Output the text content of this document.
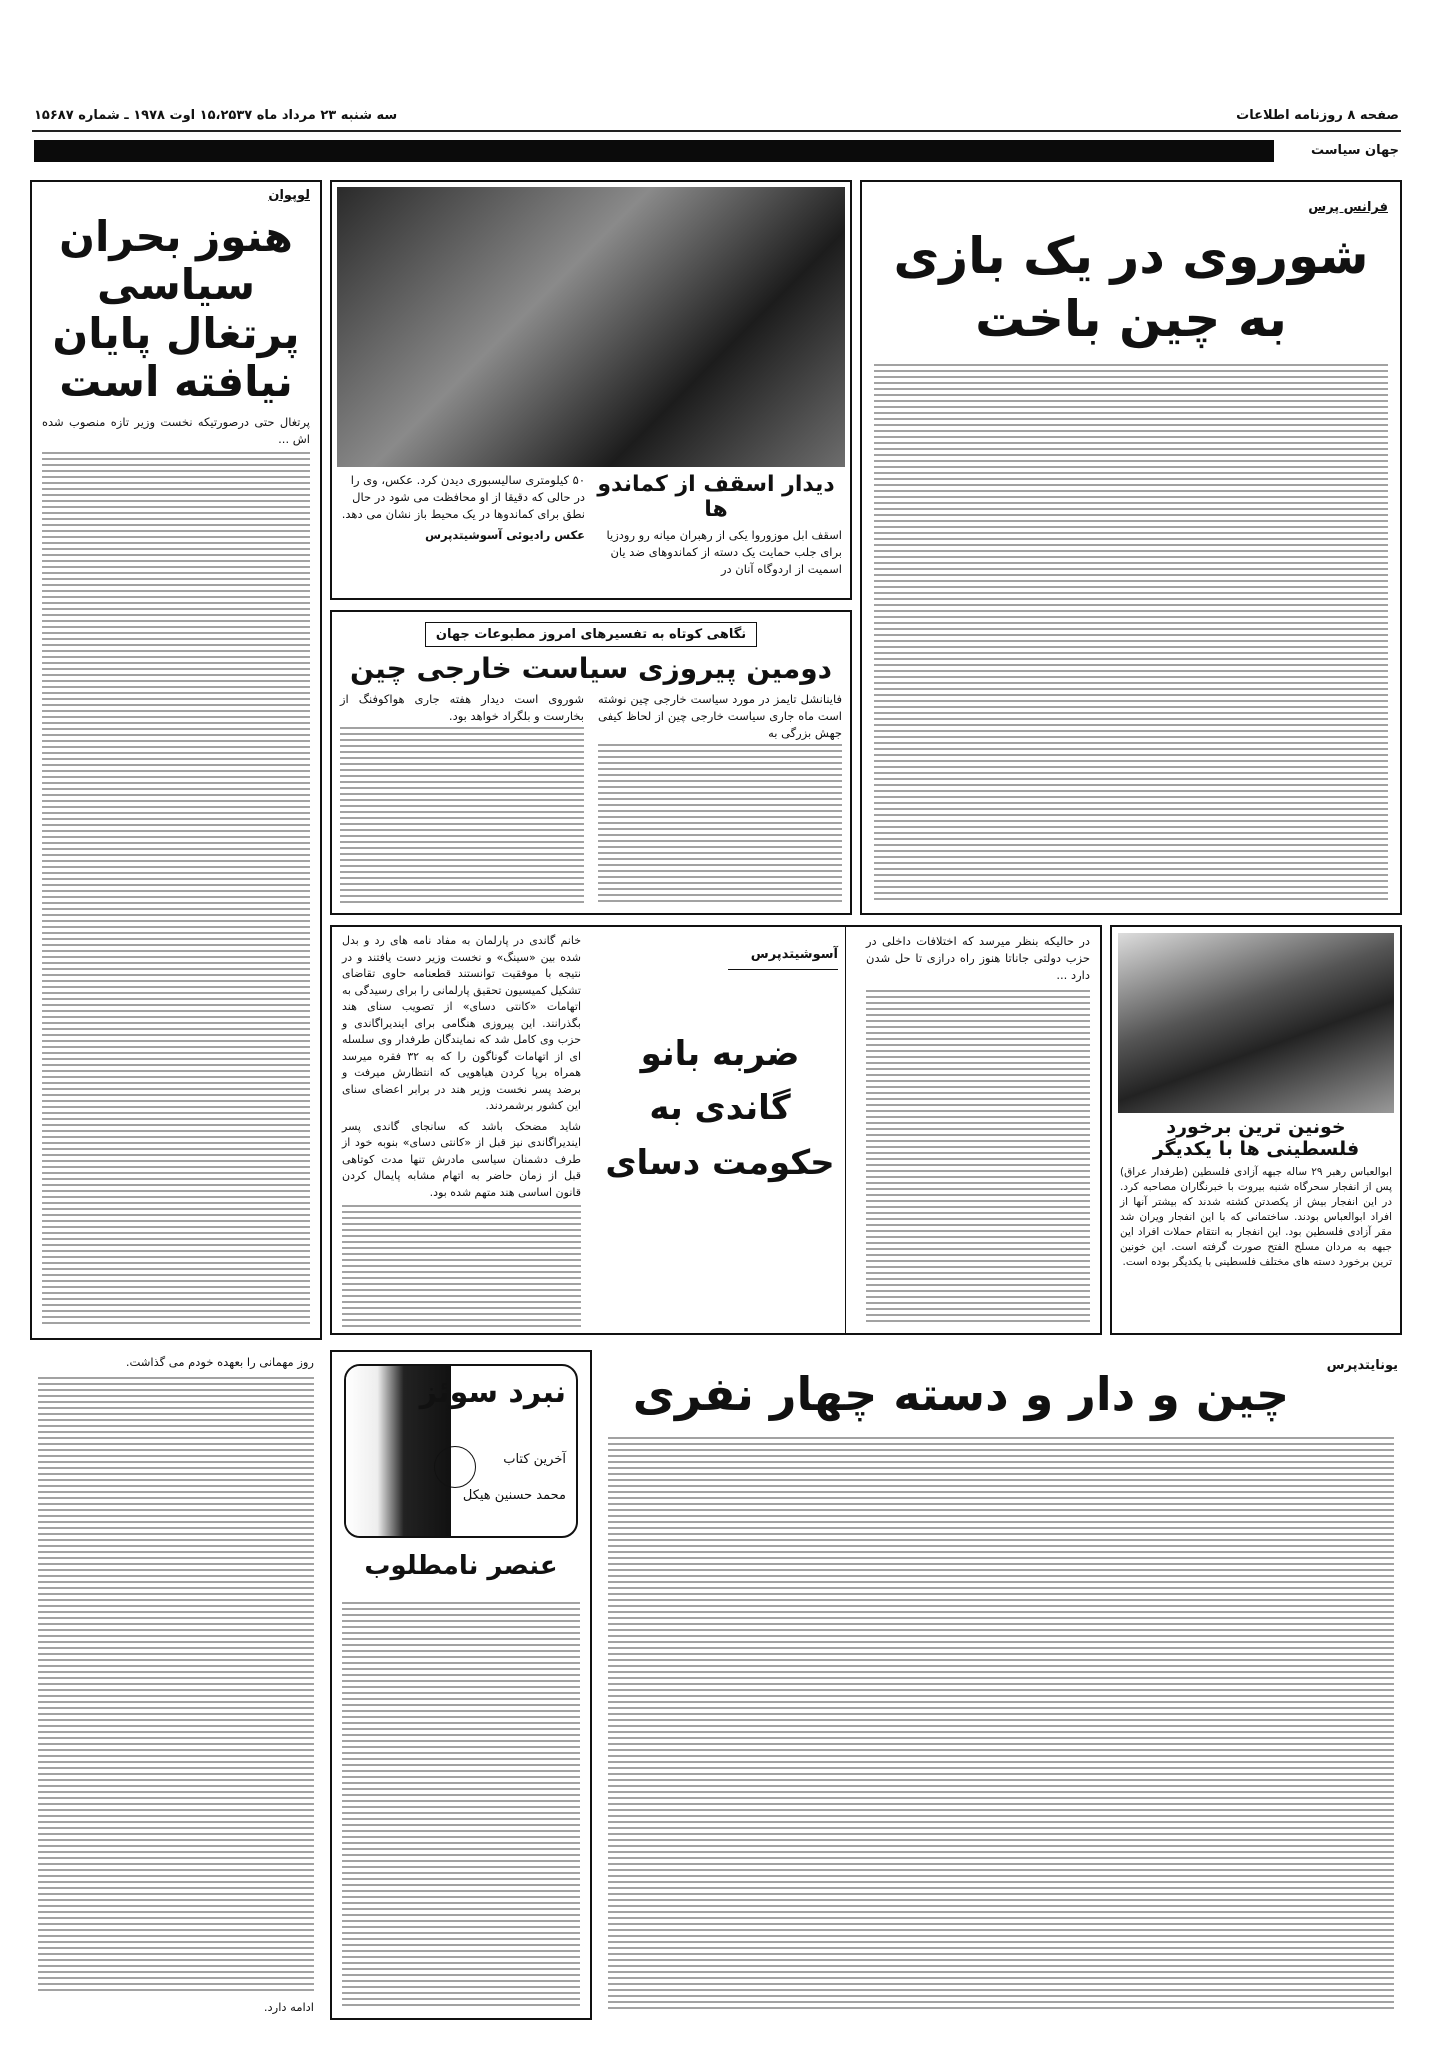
صفحه ۸ روزنامه اطلاعات
سه شنبه ۲۳ مرداد ماه ۱۵،۲۵۳۷ اوت ۱۹۷۸ ـ شماره ۱۵۶۸۷
جهان سیاست
لوپوان
هنوز بحران سیاسی پرتغال پایان نیافته است
پرتغال حتی درصورتیکه نخست وزیر تازه منصوب شده اش ...
دیدار اسقف از کماندو ها
اسقف ابل موزوروا یکی از رهبران میانه رو رودزیا برای جلب حمایت یک دسته از کماندوهای ضد یان اسمیت از اردوگاه آنان در
۵۰ کیلومتری سالیسبوری دیدن کرد. عکس، وی را در حالی که دقیقا از او محافظت می شود در حال نطق برای کماندوها در یک محیط باز نشان می دهد.
عکس رادیوئی آسوشیتدپرس
نگاهی کوتاه به تفسیرهای امروز مطبوعات جهان
دومین پیروزی سیاست خارجی چین
فاینانشل تایمز در مورد سیاست خارجی چین نوشته است ماه جاری سیاست خارجی چین از لحاظ کیفی جهش بزرگی به
شوروی است دیدار هفته جاری هواکوفنگ از بخارست و بلگراد خواهد بود.
فرانس پرس
شوروی در یک بازی به چین باخت
خانم گاندی در پارلمان به مفاد نامه های رد و بدل شده بین «سینگ» و نخست وزیر دست یافتند و در نتیجه با موفقیت توانستند قطعنامه حاوی تقاضای تشکیل کمیسیون تحقیق پارلمانی را برای رسیدگی به اتهامات «کانتی دسای» از تصویب سنای هند بگذرانند. این پیروزی هنگامی برای ایندیراگاندی و حزب وی کامل شد که نمایندگان طرفدار وی سلسله ای از اتهامات گوناگون را که به ۳۲ فقره میرسد همراه برپا کردن هیاهویی که انتظارش میرفت و برضد پسر نخست وزیر هند در برابر اعضای سنای این کشور برشمردند.
شاید مضحک باشد که سانجای گاندی پسر ایندیراگاندی نیز قبل از «کانتی دسای» بنوبه خود از طرف دشمنان سیاسی مادرش تنها مدت کوتاهی قبل از زمان حاضر به اتهام مشابه پایمال کردن قانون اساسی هند متهم شده بود.
آسوشیتدپرس
ضربه بانو گاندی به حکومت دسای
در حالیکه بنظر میرسد که اختلافات داخلی در حزب دولتی جاناتا هنوز راه درازی تا حل شدن دارد ...
خونین ترین برخورد فلسطینی ها با یکدیگر
ابوالعباس رهبر ۲۹ ساله جبهه آزادی فلسطین (طرفدار عراق) پس از انفجار سحرگاه شنبه بیروت با خبرنگاران مصاحبه کرد. در این انفجار بیش از یکصدتن کشته شدند که بیشتر آنها از افراد ابوالعباس بودند. ساختمانی که با این انفجار ویران شد مقر آزادی فلسطین بود. این انفجار به انتقام حملات افراد این جبهه به مردان مسلح الفتح صورت گرفته است. این خونین ترین برخورد دسته های مختلف فلسطینی با یکدیگر بوده است.
روز مهمانی را بعهده خودم می گذاشت.
ادامه دارد.
نبرد سوئز
آخرین کتاب
محمد حسنین هیکل
عنصر نامطلوب
یونایتدپرس
چین و دار و دسته چهار نفری
